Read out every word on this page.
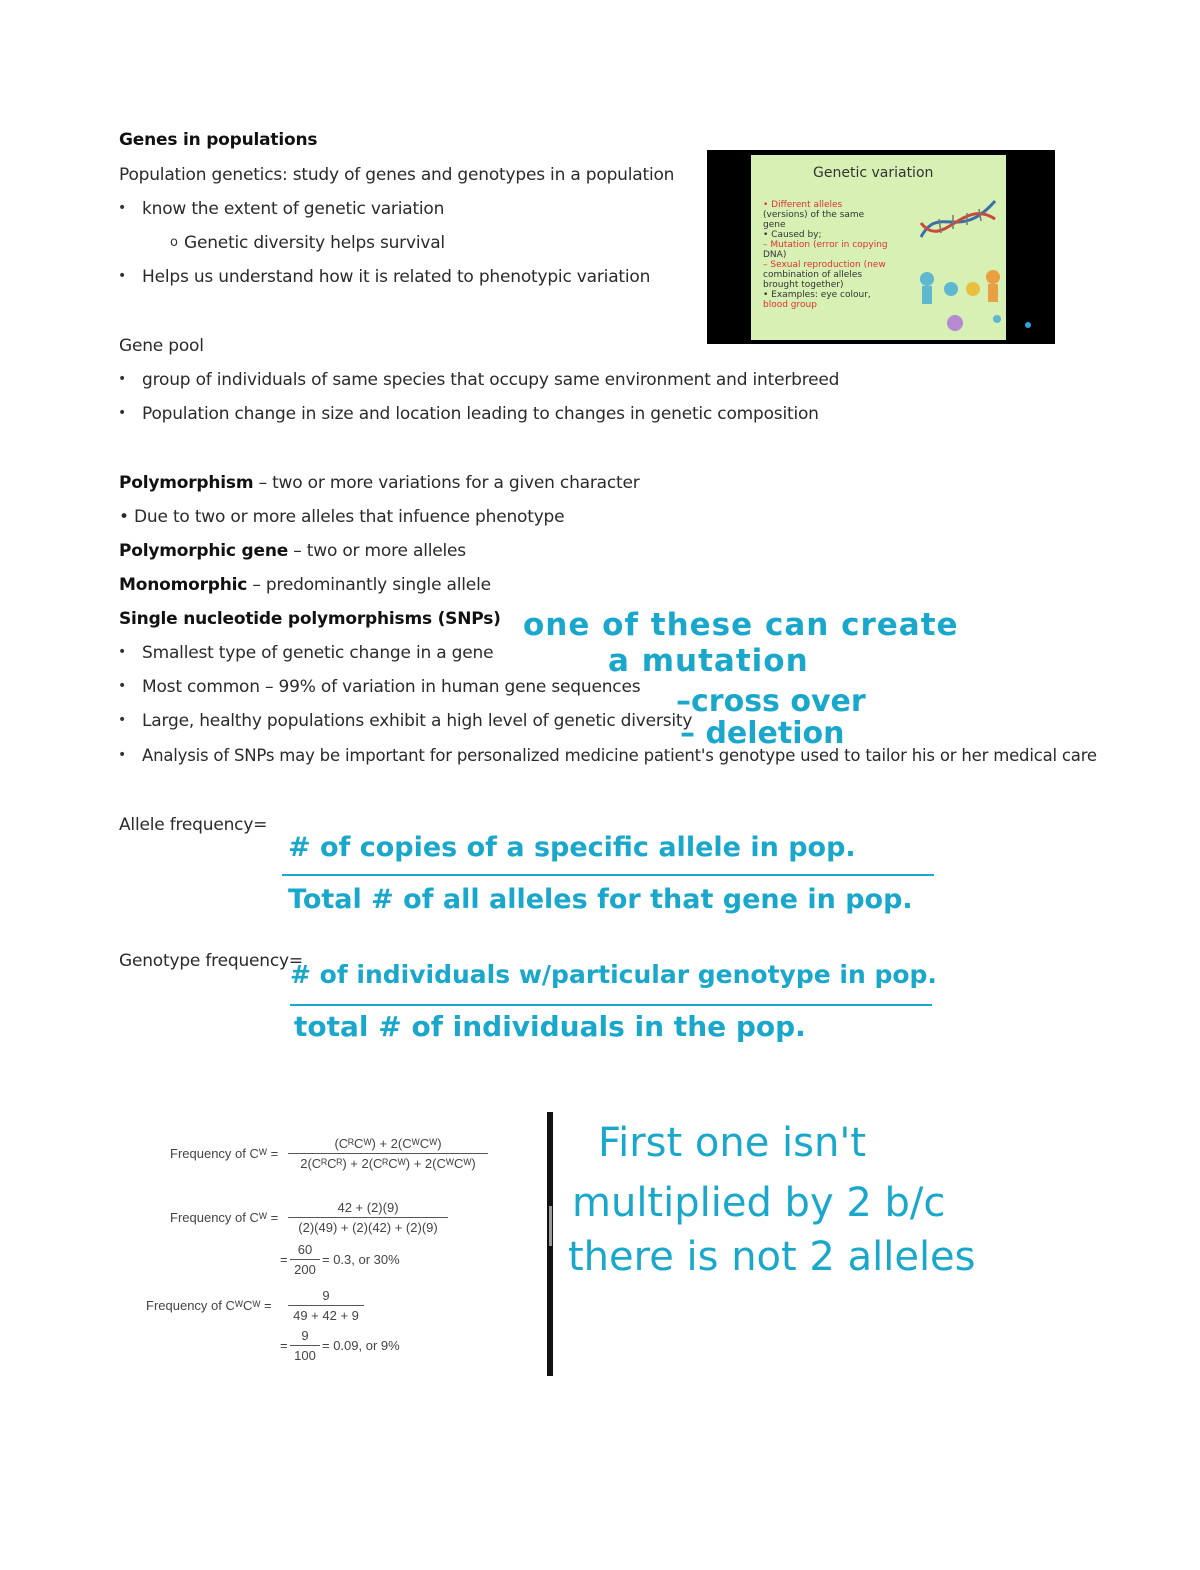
Genes in populations
Population genetics: study of genes and genotypes in a population
• know the extent of genetic variation
o Genetic diversity helps survival
• Helps us understand how it is related to phenotypic variation
Gene pool
• group of individuals of same species that occupy same environment and interbreed
• Population change in size and location leading to changes in genetic composition
Polymorphism – two or more variations for a given character
• Due to two or more alleles that infuence phenotype
Polymorphic gene – two or more alleles
Monomorphic – predominantly single allele
Single nucleotide polymorphisms (SNPs)
• Smallest type of genetic change in a gene
• Most common – 99% of variation in human gene sequences
• Large, healthy populations exhibit a high level of genetic diversity
• Analysis of SNPs may be important for personalized medicine patient's genotype used to tailor his or her medical care
Allele frequency=
Genotype frequency=
Genetic variation
• Different alleles
(versions) of the same
gene
• Caused by;
– Mutation (error in copying
DNA)
– Sexual reproduction (new
combination of alleles
brought together)
• Examples: eye colour,
blood group
one of these can create
a mutation
–cross over
– deletion
# of copies of a specific allele in pop.
Total # of all alleles for that gene in pop.
# of individuals w/particular genotype in pop.
total # of individuals in the pop.
First one isn't
multiplied by 2 b/c
there is not 2 alleles
Frequency of Cᵂ =
(CᴿCᵂ) + 2(CᵂCᵂ)
2(CᴿCᴿ) + 2(CᴿCᵂ) + 2(CᵂCᵂ)
Frequency of Cᵂ = $\frac{42 + (2)(9)}{(2)(49) + (2)(42) + (2)(9)}$
= $\frac{60}{200} = 0.3$, or 30%
Frequency of CᵂCᵂ = $\frac{9}{49 + 42 + 9}$
= $\frac{9}{100} = 0.09$, or 9%
